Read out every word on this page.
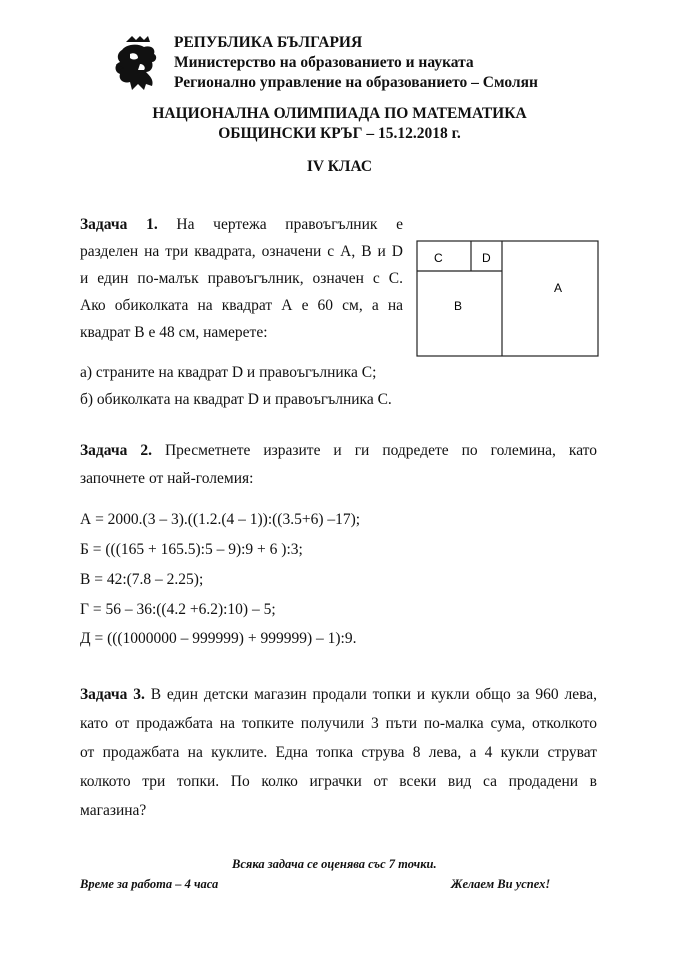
РЕПУБЛИКА БЪЛГАРИЯ
Министерство на образованието и науката
Регионално управление на образованието – Смолян
НАЦИОНАЛНА ОЛИМПИАДА ПО МАТЕМАТИКА
ОБЩИНСКИ КРЪГ – 15.12.2018 г.
IV КЛАС
Задача 1. На чертежа правоъгълник е
разделен на три квадрата, означени с А, В и D
и един по-малък правоъгълник, означен с С.
Ако обиколката на квадрат А е 60 см, а на
квадрат В е 48 см, намерете:
а) страните на квадрат D и правоъгълника С;
б) обиколката на квадрат D и правоъгълника С.
C	D
B
A
Задача 2. Пресметнете изразите и ги подредете по големина, като
започнете от най-големия:
А = 2000.(3 – 3).((1.2.(4 – 1)):((3.5+6) –17);
Б = (((165 + 165.5):5 – 9):9 + 6 ):3;
В = 42:(7.8 – 2.25);
Г = 56 – 36:((4.2 +6.2):10) – 5;
Д = (((1000000 – 999999) + 999999) – 1):9.
Задача 3. В един детски магазин продали топки и кукли общо за 960 лева,
като от продажбата на топките получили 3 пъти по-малка сума, отколкото
от продажбата на куклите. Една топка струва 8 лева, а 4 кукли струват
колкото три топки. По колко играчки от всеки вид са продадени в
магазина?
Всяка задача се оценява със 7 точки.
Време за работа – 4 часа	Желаем Ви успех!
